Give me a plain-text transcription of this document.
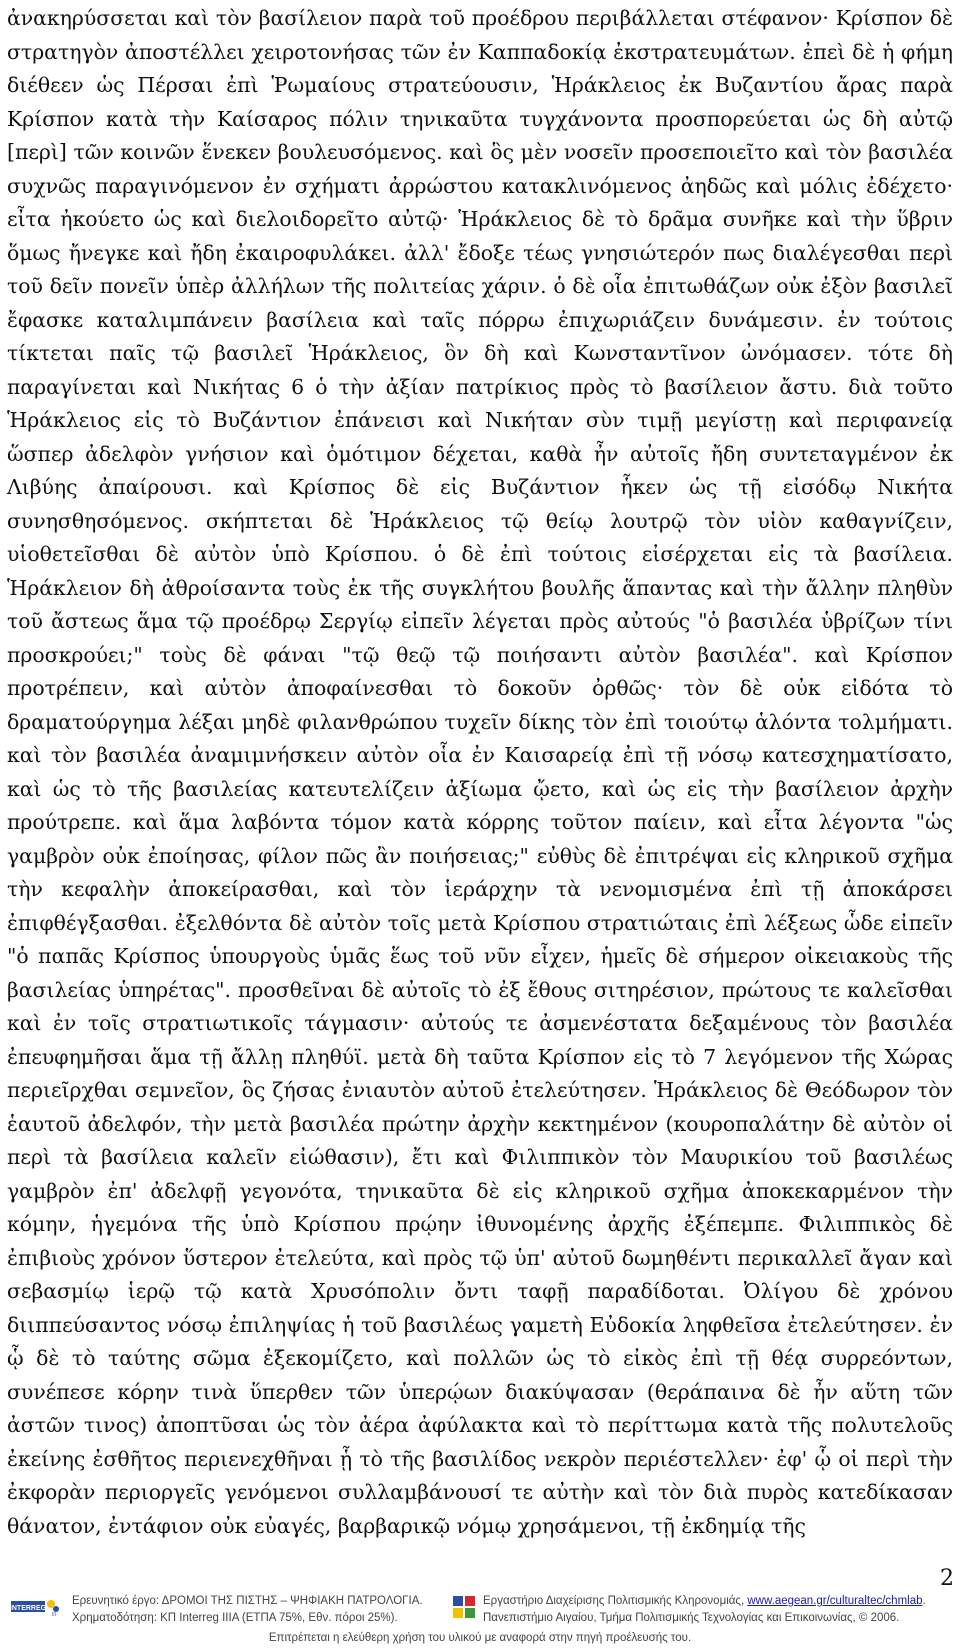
ἀνακηρύσσεται καὶ τὸν βασίλειον παρὰ τοῦ προέδρου περιβάλλεται στέφανον· Κρίσπον δὲ στρατηγὸν ἀποστέλλει χειροτονήσας τῶν ἐν Καππαδοκίᾳ ἐκστρατευμάτων. ἐπεὶ δὲ ἡ φήμη διέθεεν ὡς Πέρσαι ἐπὶ Ῥωμαίους στρατεύουσιν, Ἡράκλειος ἐκ Βυζαντίου ἄρας παρὰ Κρίσπον κατὰ τὴν Καίσαρος πόλιν τηνικαῦτα τυγχάνοντα προσπορεύεται ὡς δὴ αὐτῷ [περὶ] τῶν κοινῶν ἕνεκεν βουλευσόμενος. καὶ ὃς μὲν νοσεῖν προσεποιεῖτο καὶ τὸν βασιλέα συχνῶς παραγινόμενον ἐν σχήματι ἀρρώστου κατακλινόμενος ἀηδῶς καὶ μόλις ἐδέχετο· εἶτα ἠκούετο ὡς καὶ διελοιδορεῖτο αὐτῷ· Ἡράκλειος δὲ τὸ δρᾶμα συνῆκε καὶ τὴν ὕβριν ὅμως ἤνεγκε καὶ ἤδη ἐκαιροφυλάκει. ἀλλ' ἔδοξε τέως γνησιώτερόν πως διαλέγεσθαι περὶ τοῦ δεῖν πονεῖν ὑπὲρ ἀλλήλων τῆς πολιτείας χάριν. ὁ δὲ οἷα ἐπιτωθάζων οὐκ ἐξὸν βασιλεῖ ἔφασκε καταλιμπάνειν βασίλεια καὶ ταῖς πόρρω ἐπιχωριάζειν δυνάμεσιν. ἐν τούτοις τίκτεται παῖς τῷ βασιλεῖ Ἡράκλειος, ὃν δὴ καὶ Κωνσταντῖνον ὠνόμασεν. τότε δὴ παραγίνεται καὶ Νικήτας 6 ὁ τὴν ἀξίαν πατρίκιος πρὸς τὸ βασίλειον ἄστυ. διὰ τοῦτο Ἡράκλειος εἰς τὸ Βυζάντιον ἐπάνεισι καὶ Νικήταν σὺν τιμῇ μεγίστῃ καὶ περιφανείᾳ ὥσπερ ἀδελφὸν γνήσιον καὶ ὁμότιμον δέχεται, καθὰ ἦν αὐτοῖς ἤδη συντεταγμένον ἐκ Λιβύης ἀπαίρουσι. καὶ Κρίσπος δὲ εἰς Βυζάντιον ἧκεν ὡς τῇ εἰσόδῳ Νικήτα συνησθησόμενος. σκήπτεται δὲ Ἡράκλειος τῷ θείῳ λουτρῷ τὸν υἱὸν καθαγνίζειν, υἱοθετεῖσθαι δὲ αὐτὸν ὑπὸ Κρίσπου. ὁ δὲ ἐπὶ τούτοις εἰσέρχεται εἰς τὰ βασίλεια. Ἡράκλειον δὴ ἀθροίσαντα τοὺς ἐκ τῆς συγκλήτου βουλῆς ἅπαντας καὶ τὴν ἄλλην πληθὺν τοῦ ἄστεως ἅμα τῷ προέδρῳ Σεργίῳ εἰπεῖν λέγεται πρὸς αὐτούς "ὁ βασιλέα ὑβρίζων τίνι προσκρούει;" τοὺς δὲ φάναι "τῷ θεῷ τῷ ποιήσαντι αὐτὸν βασιλέα". καὶ Κρίσπον προτρέπειν, καὶ αὐτὸν ἀποφαίνεσθαι τὸ δοκοῦν ὀρθῶς· τὸν δὲ οὐκ εἰδότα τὸ δραματούργημα λέξαι μηδὲ φιλανθρώπου τυχεῖν δίκης τὸν ἐπὶ τοιούτῳ ἁλόντα τολμήματι. καὶ τὸν βασιλέα ἀναμιμνήσκειν αὐτὸν οἷα ἐν Καισαρείᾳ ἐπὶ τῇ νόσῳ κατεσχηματίσατο, καὶ ὡς τὸ τῆς βασιλείας κατευτελίζειν ἀξίωμα ᾤετο, καὶ ὡς εἰς τὴν βασίλειον ἀρχὴν προύτρεπε. καὶ ἅμα λαβόντα τόμον κατὰ κόρρης τοῦτον παίειν, καὶ εἶτα λέγοντα "ὡς γαμβρὸν οὐκ ἐποίησας, φίλον πῶς ἂν ποιήσειας;" εὐθὺς δὲ ἐπιτρέψαι εἰς κληρικοῦ σχῆμα τὴν κεφαλὴν ἀποκείρασθαι, καὶ τὸν ἱεράρχην τὰ νενομισμένα ἐπὶ τῇ ἀποκάρσει ἐπιφθέγξασθαι. ἐξελθόντα δὲ αὐτὸν τοῖς μετὰ Κρίσπου στρατιώταις ἐπὶ λέξεως ὧδε εἰπεῖν "ὁ παπᾶς Κρίσπος ὑπουργοὺς ὑμᾶς ἕως τοῦ νῦν εἶχεν, ἡμεῖς δὲ σήμερον οἰκειακοὺς τῆς βασιλείας ὑπηρέτας". προσθεῖναι δὲ αὐτοῖς τὸ ἐξ ἔθους σιτηρέσιον, πρώτους τε καλεῖσθαι καὶ ἐν τοῖς στρατιωτικοῖς τάγμασιν· αὐτούς τε ἀσμενέστατα δεξαμένους τὸν βασιλέα ἐπευφημῆσαι ἅμα τῇ ἄλλῃ πληθύϊ. μετὰ δὴ ταῦτα Κρίσπον εἰς τὸ 7 λεγόμενον τῆς Χώρας περιεῖρχθαι σεμνεῖον, ὃς ζήσας ἐνιαυτὸν αὐτοῦ ἐτελεύτησεν. Ἡράκλειος δὲ Θεόδωρον τὸν ἑαυτοῦ ἀδελφόν, τὴν μετὰ βασιλέα πρώτην ἀρχὴν κεκτημένον (κουροπαλάτην δὲ αὐτὸν οἱ περὶ τὰ βασίλεια καλεῖν εἰώθασιν), ἔτι καὶ Φιλιππικὸν τὸν Μαυρικίου τοῦ βασιλέως γαμβρὸν ἐπ' ἀδελφῇ γεγονότα, τηνικαῦτα δὲ εἰς κληρικοῦ σχῆμα ἀποκεκαρμένον τὴν κόμην, ἡγεμόνα τῆς ὑπὸ Κρίσπου πρῴην ἰθυνομένης ἀρχῆς ἐξέπεμπε. Φιλιππικὸς δὲ ἐπιβιοὺς χρόνον ὕστερον ἐτελεύτα, καὶ πρὸς τῷ ὑπ' αὐτοῦ δωμηθέντι περικαλλεῖ ἄγαν καὶ σεβασμίῳ ἱερῷ τῷ κατὰ Χρυσόπολιν ὄντι ταφῇ παραδίδοται. Ὀλίγου δὲ χρόνου διιππεύσαντος νόσῳ ἐπιληψίας ἡ τοῦ βασιλέως γαμετὴ Εὐδοκία ληφθεῖσα ἐτελεύτησεν. ἐν ᾧ δὲ τὸ ταύτης σῶμα ἐξεκομίζετο, καὶ πολλῶν ὡς τὸ εἰκὸς ἐπὶ τῇ θέᾳ συρρεόντων, συνέπεσε κόρην τινὰ ὕπερθεν τῶν ὑπερῴων διακύψασαν (θεράπαινα δὲ ἦν αὕτη τῶν ἀστῶν τινος) ἀποπτῦσαι ὡς τὸν ἀέρα ἀφύλακτα καὶ τὸ περίττωμα κατὰ τῆς πολυτελοῦς ἐκείνης ἐσθῆτος περιενεχθῆναι ᾗ τὸ τῆς βασιλίδος νεκρὸν περιέστελλεν· ἐφ' ᾧ οἱ περὶ τὴν ἐκφορὰν περιοργεῖς γενόμενοι συλλαμβάνουσί τε αὐτὴν καὶ τὸν διὰ πυρὸς κατεδίκασαν θάνατον, ἐντάφιον οὐκ εὐαγές, βαρβαρικῷ νόμῳ χρησάμενοι, τῇ ἐκδημίᾳ τῆς

2
INTERREG
III
Ερευνητικό έργο: ΔΡΟΜΟΙ ΤΗΣ ΠΙΣΤΗΣ – ΨΗΦΙΑΚΗ ΠΑΤΡΟΛΟΓΙΑ.
Χρηματοδότηση: ΚΠ Interreg IIIA (ΕΤΠΑ 75%, Εθν. πόροι 25%).
Εργαστήριο Διαχείρισης Πολιτισμικής Κληρονομιάς, www.aegean.gr/culturaltec/chmlab.
Πανεπιστήμιο Αιγαίου, Τμήμα Πολιτισμικής Τεχνολογίας και Επικοινωνίας, © 2006.
Επιτρέπεται η ελεύθερη χρήση του υλικού με αναφορά στην πηγή προέλευσής του.
